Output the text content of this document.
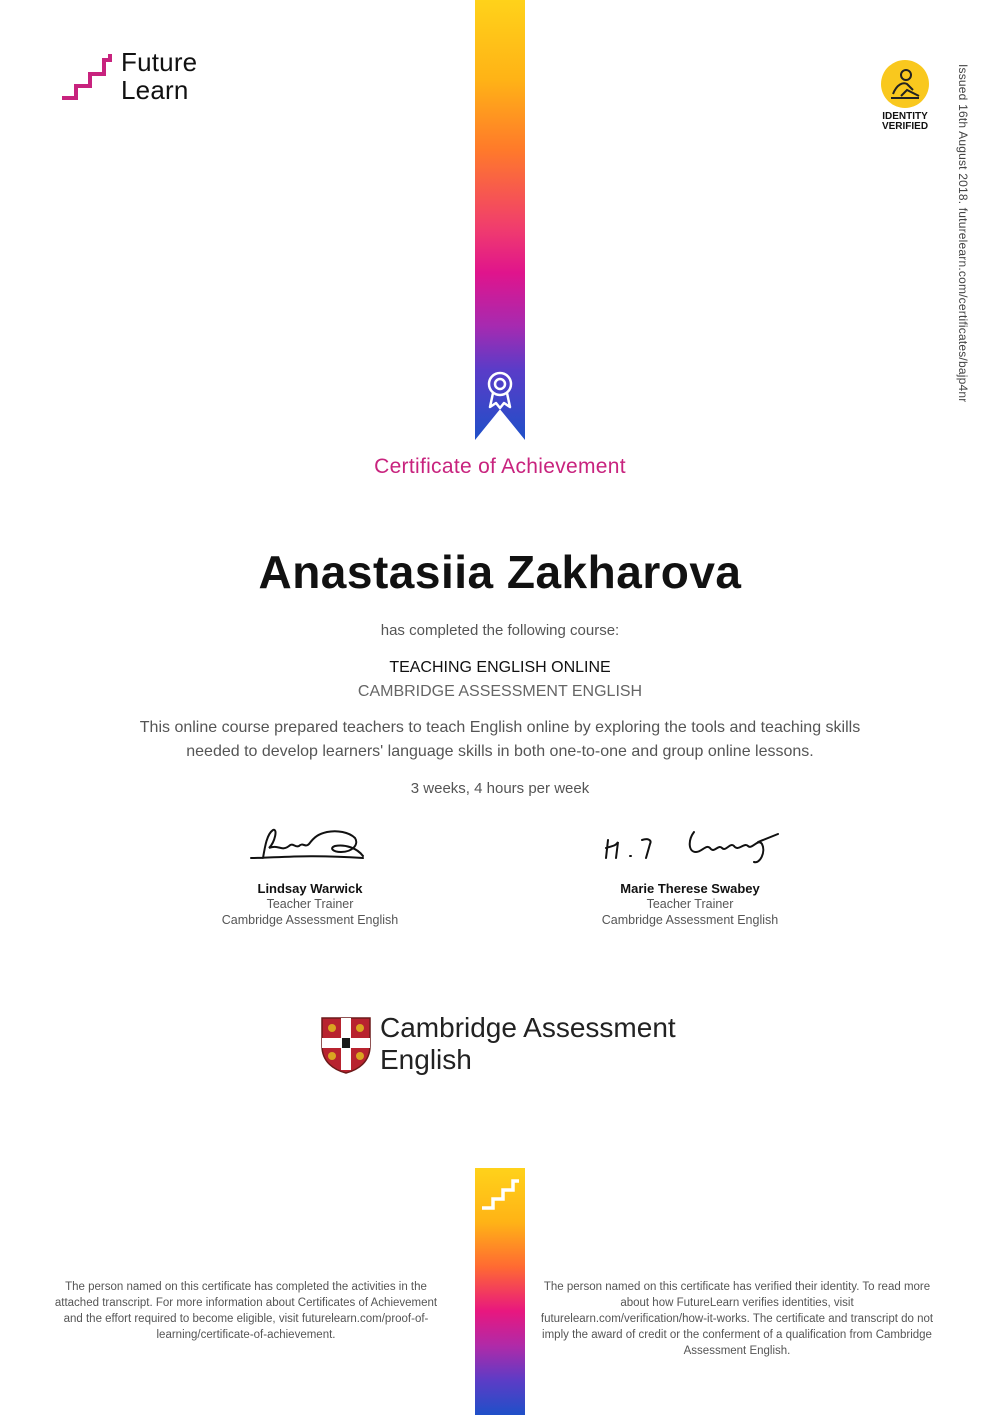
Future
Learn
IDENTITY
VERIFIED	Issued 16th August 2018. futurelearn.com/certificates/bajp4nr
Certificate of Achievement
Anastasiia Zakharova
has completed the following course:
TEACHING ENGLISH ONLINE
CAMBRIDGE ASSESSMENT ENGLISH
This online course prepared teachers to teach English online by exploring the tools and teaching skills
needed to develop learners' language skills in both one-to-one and group online lessons.
3 weeks, 4 hours per week
Lindsay Warwick
Teacher Trainer
Cambridge Assessment English
Marie Therese Swabey
Teacher Trainer
Cambridge Assessment English
Cambridge Assessment
English
The person named on this certificate has completed the activities in the attached transcript. For more information about Certificates of Achievement and the effort required to become eligible, visit futurelearn.com/proof-of-learning/certificate-of-achievement.
The person named on this certificate has verified their identity. To read more about how FutureLearn verifies identities, visit futurelearn.com/verification/how-it-works. The certificate and transcript do not imply the award of credit or the conferment of a qualification from Cambridge Assessment English.
